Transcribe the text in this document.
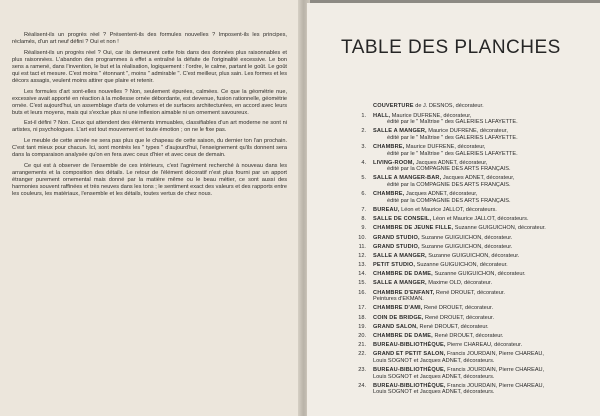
Réalisent-ils un progrès réel ? Présentent-ils des formules nouvelles ? Imposent-ils les principes, réclamés, d'un art neuf défini ? Oui et non !

Réalisent-ils un progrès réel ? Oui, car ils demeurent cette fois dans des données plus raisonnables et plus raisonnées. L'abandon des programmes à effet a entraîné la défaite de l'originalité excessive. Le bon sens a ramené, dans l'invention, le but et la réalisation, logiquement : l'ordre, le calme, partant le goût. Le goût qui est tact et mesure. C'est moins " étonnant ", moins " admirable ". C'est meilleur, plus sain. Les formes et les décors assagis, veulent moins attirer que plaire et retenir.

Les formules d'art sont-elles nouvelles ? Non, seulement épurées, calmées. Ce que la géométrie nue, excessive avait apporté en réaction à la mollesse ornée débordante, est devenue, fusion rationnelle, géométrie ornée. C'est aujourd'hui, un assemblage d'arts de volumes et de surfaces architecturées, en accord avec leurs buts et leurs moyens, mais qui s'exclue plus ni une inflexion aimable ni un ornement savoureux.

Est-il défini ? Non. Ceux qui attendent des éléments immuables, classifiables d'un art moderne ne sont ni artistes, ni psychologues. L'art est tout mouvement et toute émotion ; on ne le fixe pas.

Le meuble de cette année ne sera pas plus que le chapeau de cette saison, du dernier ton l'an prochain. C'est tant mieux pour chacun. Ici, sont montrés les " types " d'aujourd'hui, l'enseignement qu'ils donnent sera dans la comparaison analysée qu'on en fera avec ceux d'hier et avec ceux de demain.

Ce qui est à observer de l'ensemble de ces intérieurs, c'est l'agrément recherché à nouveau dans les arrangements et la composition des détails. Le retour de l'élément décoratif n'est plus fourni par un apport étranger purement ornemental mais donné par la matière même ou le beau métier, ce sont aussi des harmonies souvent raffinées et très neuves dans les tons ; le sentiment exact des valeurs et des rapports entre les couleurs, les matériaux, l'ensemble et les détails, toutes vertus de chez nous.

TABLE DES PLANCHES
COUVERTURE de J. DESNOS, décorateur.
1. HALL, Maurice DUFRENE, décorateur,
édité par le " Maîtrise " des GALERIES LAFAYETTE.
2. SALLE A MANGER, Maurice DUFRENE, décorateur,
édité par le " Maîtrise " des GALERIES LAFAYETTE.
3. CHAMBRE, Maurice DUFRENE, décorateur,
édité par le " Maîtrise " des GALERIES LAFAYETTE.
4. LIVING-ROOM, Jacques ADNET, décorateur,
édité par la COMPAGNIE DES ARTS FRANÇAIS.
5. SALLE A MANGER-BAR, Jacques ADNET, décorateur,
édité par la COMPAGNIE DES ARTS FRANÇAIS.
6. CHAMBRE, Jacques ADNET, décorateur,
édité par la COMPAGNIE DES ARTS FRANÇAIS.
7. BUREAU, Léon et Maurice JALLOT, décorateurs.
8. SALLE DE CONSEIL, Léon et Maurice JALLOT, décorateurs.
9. CHAMBRE DE JEUNE FILLE, Suzanne GUIGUICHON, décorateur.
10. GRAND STUDIO, Suzanne GUIGUICHON, décorateur.
11. GRAND STUDIO, Suzanne GUIGUICHON, décorateur.
12. SALLE A MANGER, Suzanne GUIGUICHON, décorateur.
13. PETIT STUDIO, Suzanne GUIGUICHON, décorateur.
14. CHAMBRE DE DAME, Suzanne GUIGUICHON, décorateur.
15. SALLE A MANGER, Maxime OLD, décorateur.
16. CHAMBRE D'ENFANT, René DROUET, décorateur.
Peintures d'EKMAN.
17. CHAMBRE D'AMI, René DROUET, décorateur.
18. COIN DE BRIDGE, René DROUET, décorateur.
19. GRAND SALON, René DROUET, décorateur.
20. CHAMBRE DE DAME, René DROUET, décorateur.
21. BUREAU-BIBLIOTHÈQUE, Pierre CHAREAU, décorateur.
22. GRAND ET PETIT SALON, Francis JOURDAIN, Pierre CHAREAU,
Louis SOGNOT et Jacques ADNET, décorateurs.
23. BUREAU-BIBLIOTHÈQUE, Francis JOURDAIN, Pierre CHAREAU,
Louis SOGNOT et Jacques ADNET, décorateurs.
24. BUREAU-BIBLIOTHÈQUE, Francis JOURDAIN, Pierre CHAREAU,
Louis SOGNOT et Jacques ADNET, décorateurs.
